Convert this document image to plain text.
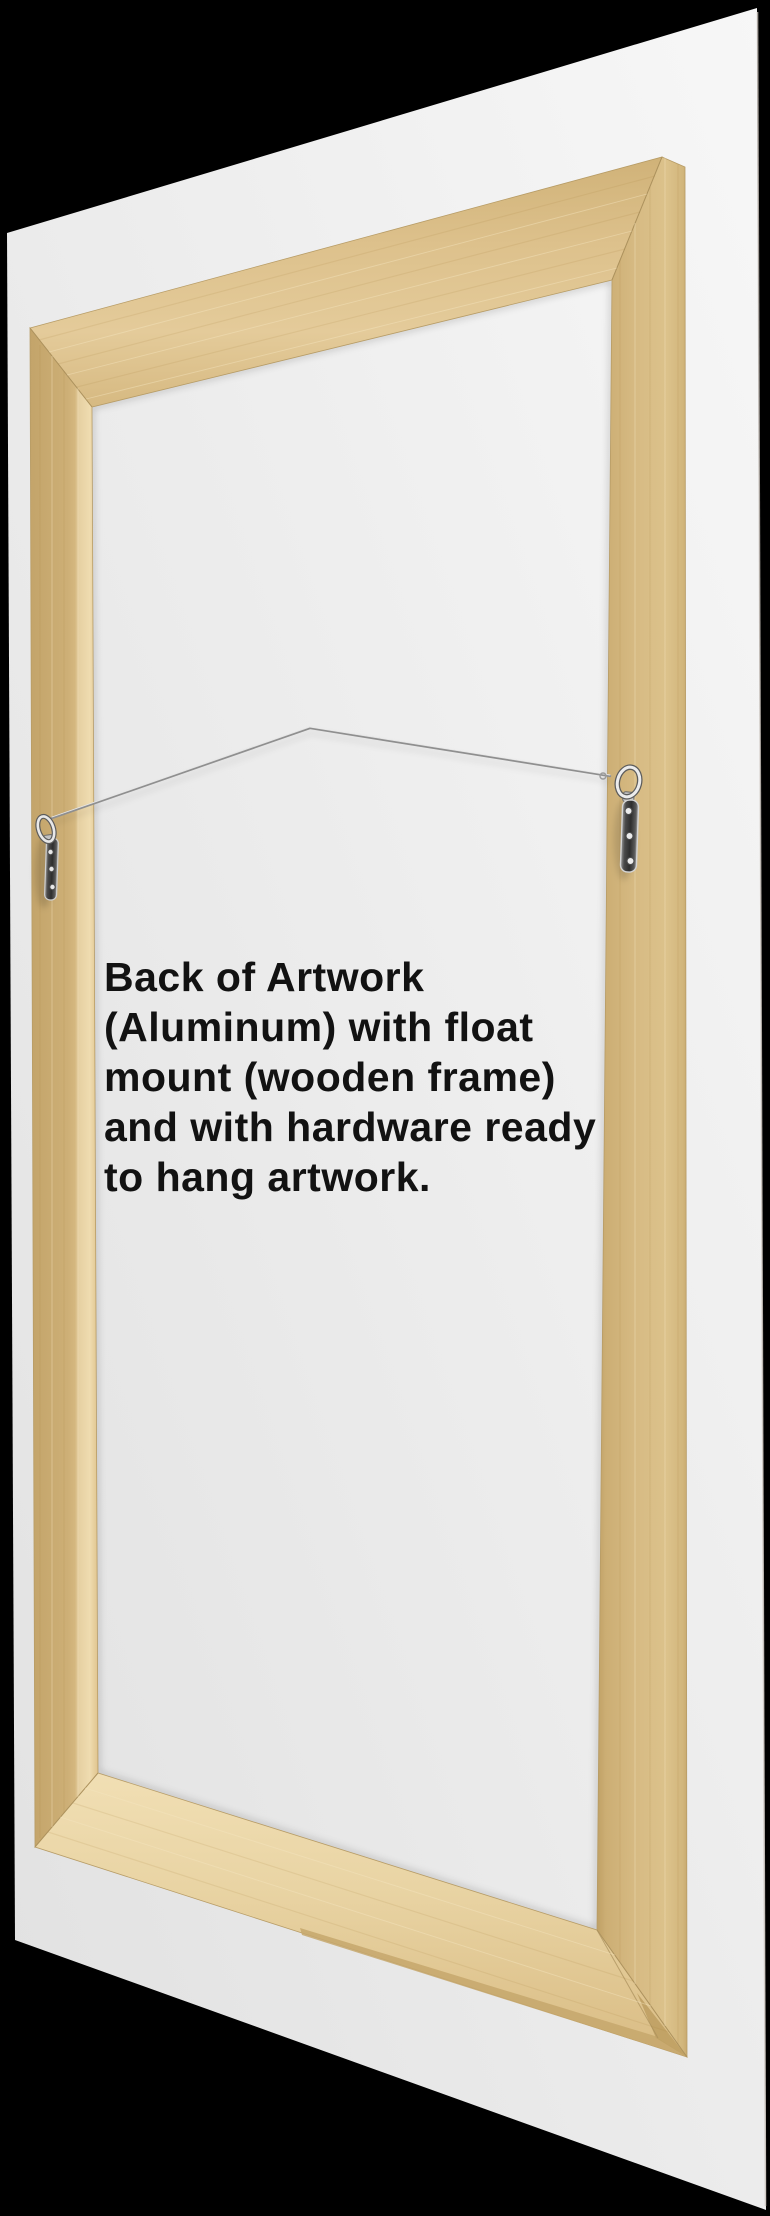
Back of Artwork
(Aluminum) with float
mount (wooden frame)
and with hardware ready
to hang artwork.
